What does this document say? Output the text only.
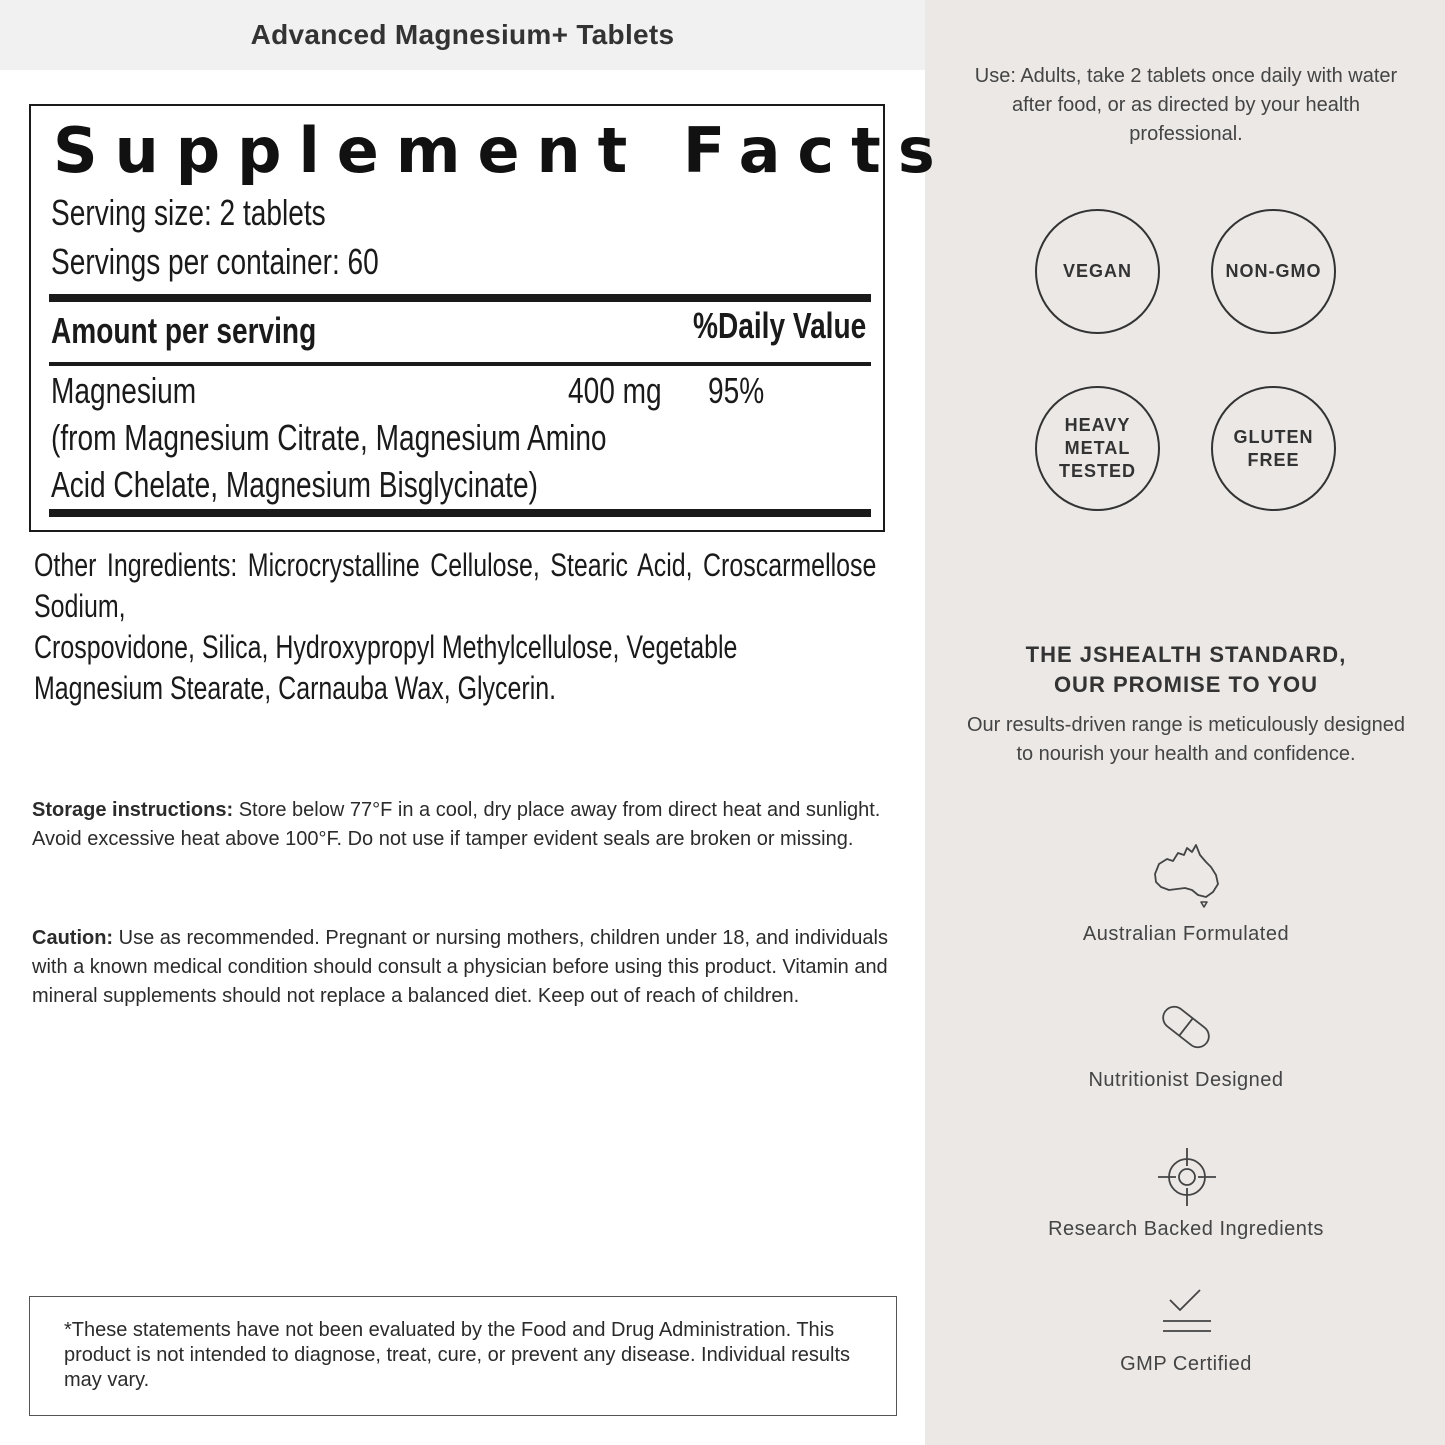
Advanced Magnesium+ Tablets
Supplement Facts
Serving size: 2 tablets
Servings per container: 60
Amount per serving	%Daily Value
Magnesium	400 mg	95%
(from Magnesium Citrate, Magnesium Amino
Acid Chelate, Magnesium Bisglycinate)
Other Ingredients: Microcrystalline Cellulose, Stearic Acid, Croscarmellose Sodium,
Crospovidone, Silica, Hydroxypropyl Methylcellulose, Vegetable
Magnesium Stearate, Carnauba Wax, Glycerin.
Storage instructions: Store below 77°F in a cool, dry place away from direct heat and sunlight. Avoid excessive heat above 100°F. Do not use if tamper evident seals are broken or missing.
Caution: Use as recommended. Pregnant or nursing mothers, children under 18, and individuals with a known medical condition should consult a physician before using this product. Vitamin and mineral supplements should not replace a balanced diet. Keep out of reach of children.
*These statements have not been evaluated by the Food and Drug Administration. This product is not intended to diagnose, treat, cure, or prevent any disease. Individual results may vary.
Use: Adults, take 2 tablets once daily with water after food, or as directed by your health professional.
VEGAN	NON-GMO
HEAVY
METAL
TESTED
GLUTEN
FREE
THE JSHEALTH STANDARD,
OUR PROMISE TO YOU
Our results-driven range is meticulously designed to nourish your health and confidence.
Australian Formulated
Nutritionist Designed
Research Backed Ingredients
GMP Certified
